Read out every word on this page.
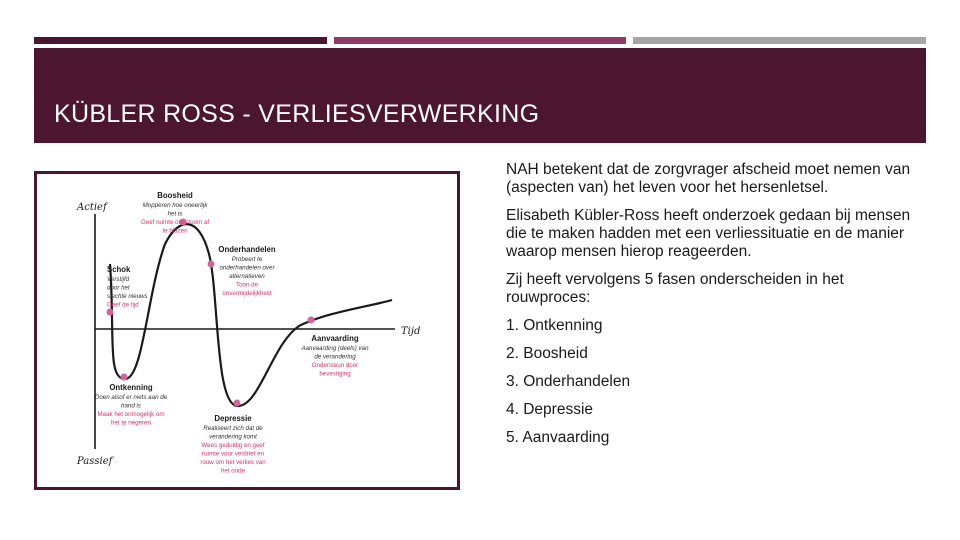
KÜBLER ROSS - VERLIESVERWERKING
Actief
Passief
Tijd
Schok
Verstijfd
door het
slechte nieuws
Geef de tijd
Boosheid
Mopperen hoe oneerlijk
het is
Geef ruimte om stoom af
te blazen
Onderhandelen
Probeert te
onderhandelen over
alternatieven
Toon de
onvermijdelijkheid
Ontkenning
Doen alsof er niets aan de
hand is
Maak het onmogelijk om
het te negeren	Depressie
Realiseert zich dat de
verandering komt
Wees geduldig en geef
ruimte voor verdriet en
rouw om het verlies van
het oude
Aanvaarding
Aanvaarding (deels) van
de verandering
Ondersteun door
bevestiging

NAH betekent dat de zorgvrager afscheid moet nemen van (aspecten van) het leven voor het hersenletsel.

Elisabeth Kübler-Ross heeft onderzoek gedaan bij mensen die te maken hadden met een verliessituatie en de manier waarop mensen hierop reageerden.

Zij heeft vervolgens 5 fasen onderscheiden in het rouwproces:

1. Ontkenning
2. Boosheid
3. Onderhandelen
4. Depressie
5. Aanvaarding
